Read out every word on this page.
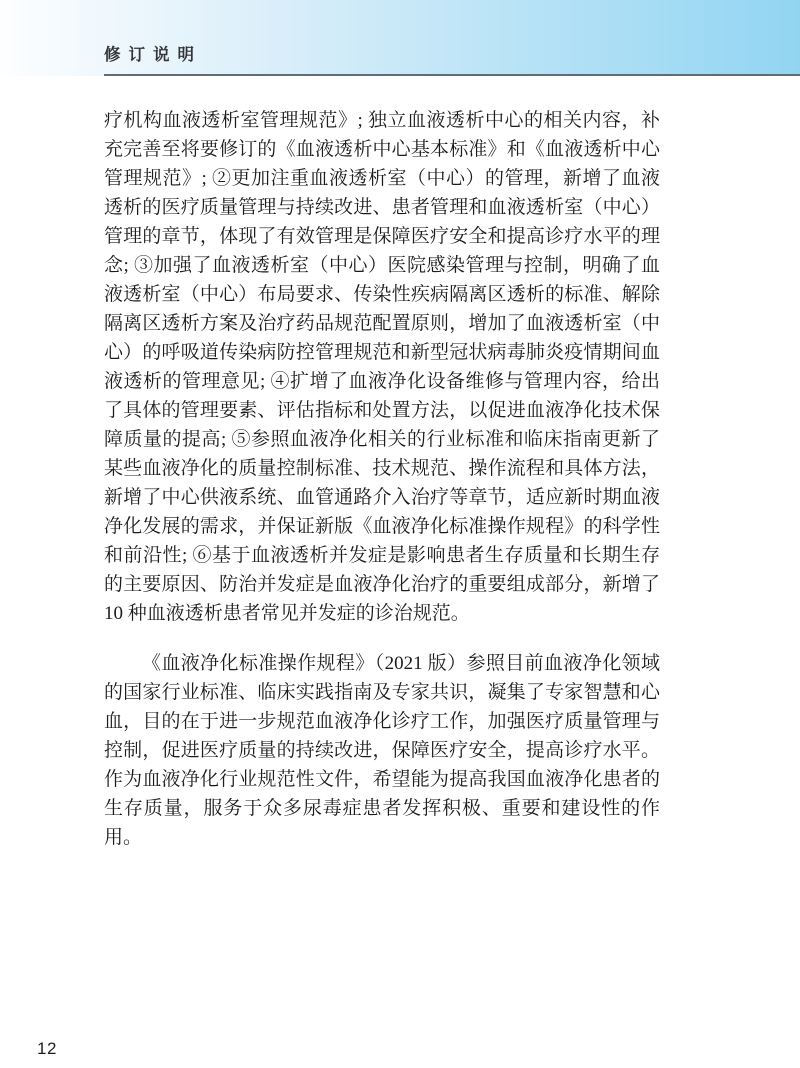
修订说明

疗机构血液透析室管理规范》; 独立血液透析中心的相关内容，补充完善至将要修订的《血液透析中心基本标准》和《血液透析中心管理规范》; ②更加注重血液透析室（中心）的管理，新增了血液透析的医疗质量管理与持续改进、患者管理和血液透析室（中心）管理的章节，体现了有效管理是保障医疗安全和提高诊疗水平的理念; ③加强了血液透析室（中心）医院感染管理与控制，明确了血液透析室（中心）布局要求、传染性疾病隔离区透析的标准、解除隔离区透析方案及治疗药品规范配置原则，增加了血液透析室（中心）的呼吸道传染病防控管理规范和新型冠状病毒肺炎疫情期间血液透析的管理意见; ④扩增了血液净化设备维修与管理内容，给出了具体的管理要素、评估指标和处置方法，以促进血液净化技术保障质量的提高; ⑤参照血液净化相关的行业标准和临床指南更新了某些血液净化的质量控制标准、技术规范、操作流程和具体方法，新增了中心供液系统、血管通路介入治疗等章节，适应新时期血液净化发展的需求，并保证新版《血液净化标准操作规程》的科学性和前沿性; ⑥基于血液透析并发症是影响患者生存质量和长期生存的主要原因、防治并发症是血液净化治疗的重要组成部分，新增了 10 种血液透析患者常见并发症的诊治规范。

《血液净化标准操作规程》（2021 版）参照目前血液净化领域的国家行业标准、临床实践指南及专家共识，凝集了专家智慧和心血，目的在于进一步规范血液净化诊疗工作，加强医疗质量管理与控制，促进医疗质量的持续改进，保障医疗安全，提高诊疗水平。作为血液净化行业规范性文件，希望能为提高我国血液净化患者的生存质量，服务于众多尿毒症患者发挥积极、重要和建设性的作用。

12
